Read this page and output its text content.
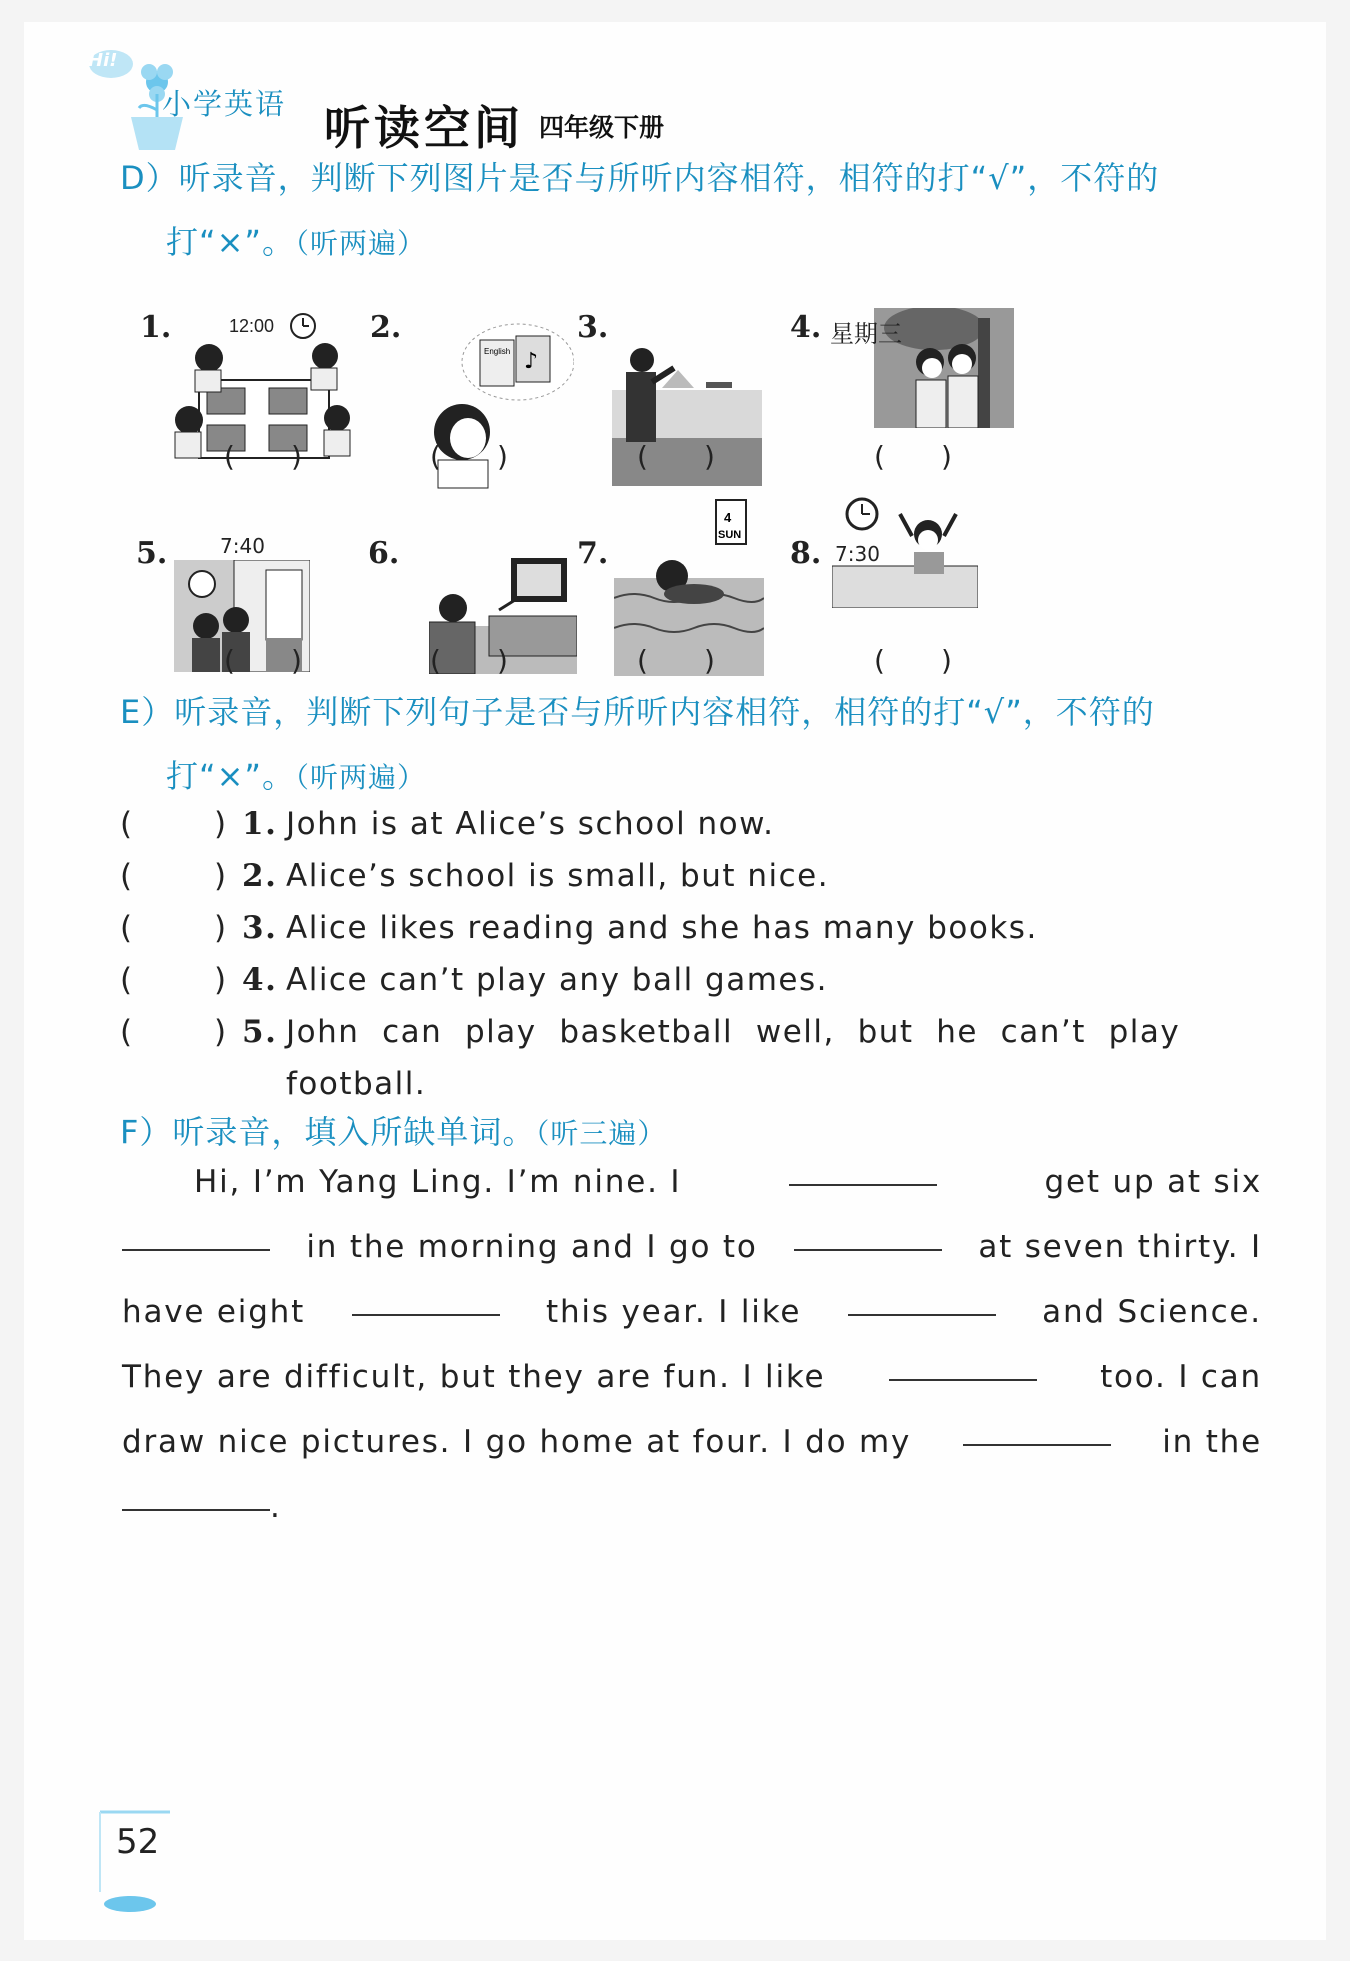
Hi!
小学英语 听读空间 四年级下册
D）听录音，判断下列图片是否与所听内容相符，相符的打“√”，不符的
打“×”。（听两遍）
1.	2.	3.	4.
12:00
English ♪
星期三
( )	( )	( )	( )
5.	6.	7.	8.
7:40
4
SUN
7:30
( )	( )	( )	( )
E）听录音，判断下列句子是否与所听内容相符，相符的打“√”，不符的
打“×”。（听两遍）
(	) 1. John is at Alice’s school now.
(	) 2. Alice’s school is small, but nice.
(	) 3. Alice likes reading and she has many books.
(	) 4. Alice can’t play any ball games.
(	) 5. John  can  play  basketball  well,  but  he  can’t  play
football.
F）听录音，填入所缺单词。（听三遍）
Hi, I’m Yang Ling. I’m nine. I	get up at six
in the morning and I go to	at seven thirty. I
have eight	this year. I like	and Science.
They are difficult, but they are fun. I like	too. I can
draw nice pictures. I go home at four. I do my	in the
.
52
